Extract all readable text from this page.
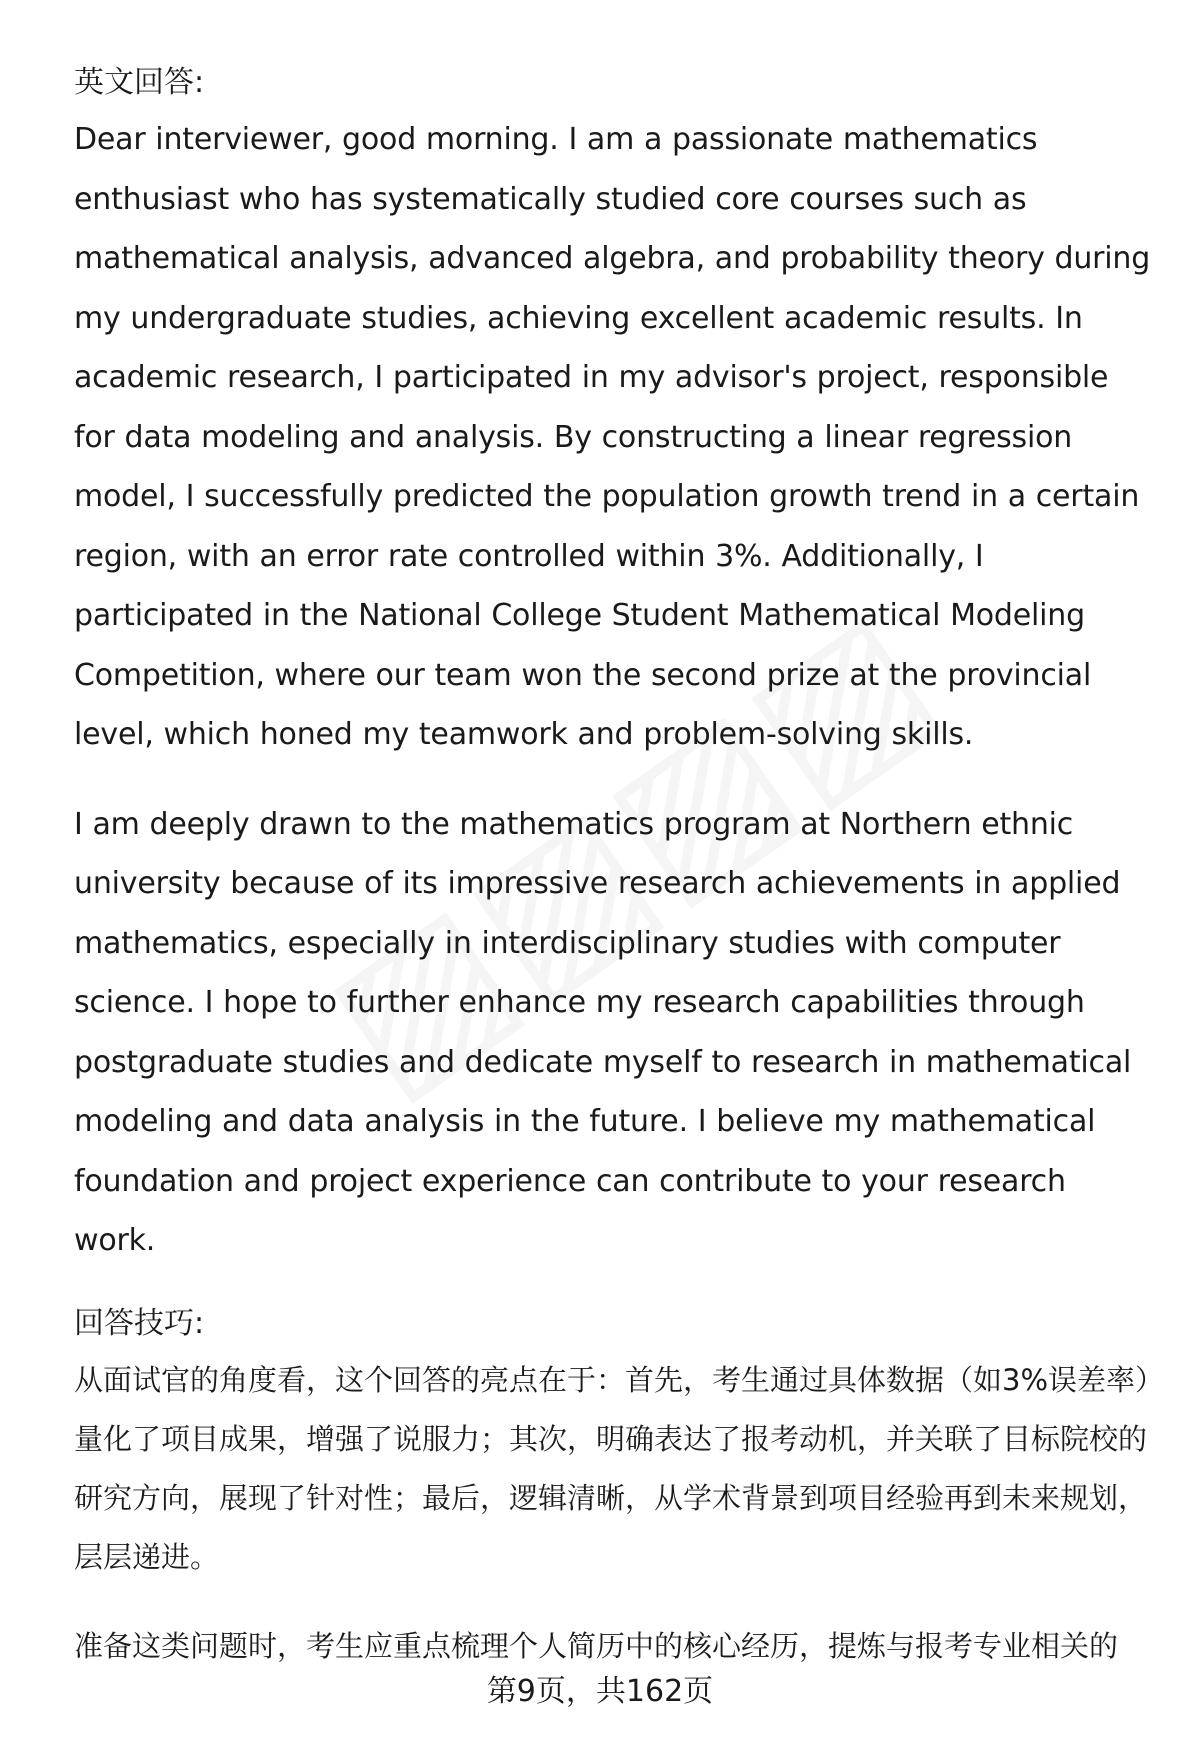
英文回答:

Dear interviewer, good morning. I am a passionate mathematics enthusiast who has systematically studied core courses such as mathematical analysis, advanced algebra, and probability theory during my undergraduate studies, achieving excellent academic results. In academic research, I participated in my advisor's project, responsible for data modeling and analysis. By constructing a linear regression model, I successfully predicted the population growth trend in a certain region, with an error rate controlled within 3%. Additionally, I participated in the National College Student Mathematical Modeling Competition, where our team won the second prize at the provincial level, which honed my teamwork and problem-solving skills.

I am deeply drawn to the mathematics program at Northern ethnic university because of its impressive research achievements in applied mathematics, especially in interdisciplinary studies with computer science. I hope to further enhance my research capabilities through postgraduate studies and dedicate myself to research in mathematical modeling and data analysis in the future. I believe my mathematical foundation and project experience can contribute to your research work.

回答技巧:

从面试官的角度看，这个回答的亮点在于：首先，考生通过具体数据（如3%误差率）量化了项目成果，增强了说服力；其次，明确表达了报考动机，并关联了目标院校的研究方向，展现了针对性；最后，逻辑清晰，从学术背景到项目经验再到未来规划，层层递进。

准备这类问题时，考生应重点梳理个人简历中的核心经历，提炼与报考专业相关的

第9页，共162页
